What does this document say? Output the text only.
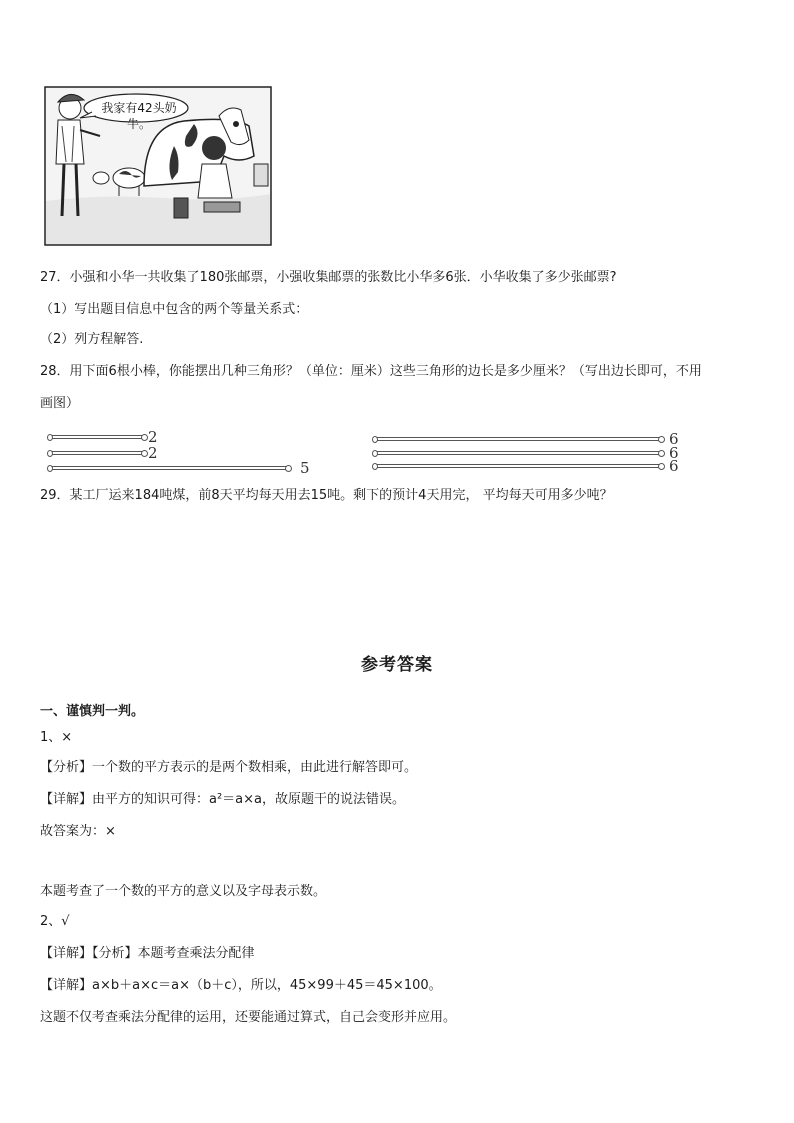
我家有42头奶牛。
27．小强和小华一共收集了180张邮票，小强收集邮票的张数比小华多6张．小华收集了多少张邮票?
（1）写出题目信息中包含的两个等量关系式：
（2）列方程解答.
28．用下面6根小棒，你能摆出几种三角形？（单位：厘米）这些三角形的边长是多少厘米？（写出边长即可，不用
画图）
2
2
5
6
6
6
29．某工厂运来184吨煤，前8天平均每天用去15吨。剩下的预计4天用完， 平均每天可用多少吨？
参考答案
一、谨慎判一判。
1、×
【分析】一个数的平方表示的是两个数相乘，由此进行解答即可。
【详解】由平方的知识可得：a²＝a×a，故原题干的说法错误。
故答案为：×
本题考查了一个数的平方的意义以及字母表示数。
2、√
【详解】【分析】本题考查乘法分配律
【详解】a×b＋a×c＝a×（b＋c），所以，45×99＋45＝45×100。
这题不仅考查乘法分配律的运用，还要能通过算式，自己会变形并应用。
